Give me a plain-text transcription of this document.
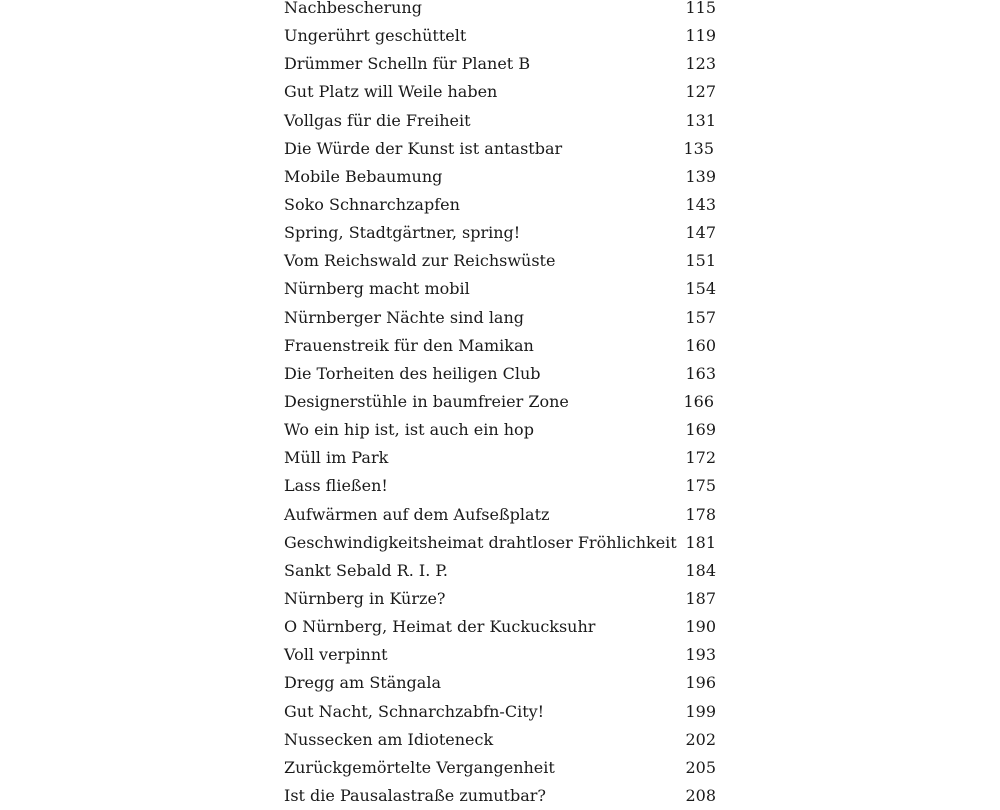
Nachbescherung	115
Ungerührt geschüttelt	119
Drümmer Schelln für Planet B	123
Gut Platz will Weile haben	127
Vollgas für die Freiheit	131
Die Würde der Kunst ist antastbar	135
Mobile Bebaumung	139
Soko Schnarchzapfen	143
Spring, Stadtgärtner, spring!	147
Vom Reichswald zur Reichswüste	151
Nürnberg macht mobil	154
Nürnberger Nächte sind lang	157
Frauenstreik für den Mamikan	160
Die Torheiten des heiligen Club	163
Designerstühle in baumfreier Zone	166
Wo ein hip ist, ist auch ein hop	169
Müll im Park	172
Lass fließen!	175
Aufwärmen auf dem Aufseßplatz	178
Geschwindigkeitsheimat drahtloser Fröhlichkeit 181
Sankt Sebald R. I. P.	184
Nürnberg in Kürze?	187
O Nürnberg, Heimat der Kuckucksuhr	190
Voll verpinnt	193
Dregg am Stängala	196
Gut Nacht, Schnarchzabfn-City!	199
Nussecken am Idioteneck	202
Zurückgemörtelte Vergangenheit	205
Ist die Pausalastraße zumutbar?	208
